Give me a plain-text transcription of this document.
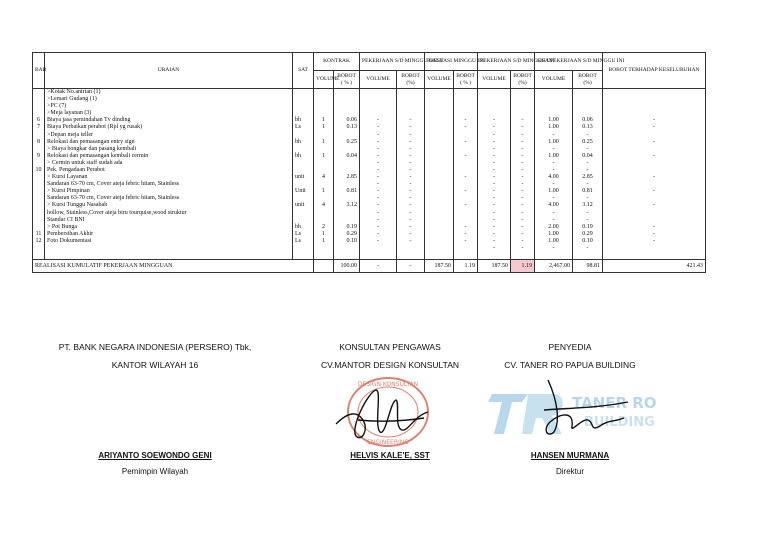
BAB	URAIAN	SAT	KONTRAK		PEKERJAAN S/D MINGGU LALU		PRESTASI MINGGU INI		PEKERJAAN S/D MINGGU INI		SISA PEKERJAAN S/D MINGGU INI		BOBOT TERHADAP KESELURUHAN
			VOLUME	BOBOT ( % )	VOLUME	BOBOT (%)	VOLUME	BOBOT ( % )	VOLUME	BOBOT (%)	VOLUME	BOBOT (%)	
	>Kotak No.antrian (1)												
	>Lemari Gudang (1)												
	>PC (7)												
	>Meja layanan (3)												
6	Biaya jasa pemindahan Tv dinding	bh	1	0.06	-	-		-	-	-	1.00	0.06	-
7	Biaya Perbaikan perabot (Rpl yg rusak)	Ls	1	0.13	-	-		-	-	-	1.00	0.13	-
	>Depan meja teller				-	-			-	-	-	-	
8	Relokasi dan pemasangan entry sign	bh	1	0.25	-	-		-	-	-	1.00	0.25	-
	> Biaya bongkar dan pasang kembali				-	-			-	-	-	-	
9	Relokasi dan pemasangan kembali cermin	bh	1	0.04	-	-		-	-	-	1.00	0.04	-
	> Cermin untuk staff sudah ada				-	-			-	-	-	-	
10	Pek. Pengadaan Perabot				-	-			-	-	-	-	
	> Kursi Layanan	unit	4	2.85	-	-		-	-	-	4.00	2.85	-
	Sandaran 63-70 cm, Cover ateja febric hitam, Stainless				-	-			-	-	-	-	
	> Kursi Pimpinan	Unit	1	0.81	-	-		-	-	-	1.00	0.81	-
	Sandaran 63-70 cm, Cover ateja febric hitam, Stainless				-	-			-	-	-	-	
	> Kursi Tunggu Nasabah	unit	4	3.12	-	-		-	-	-	4.00	3.12	-
	hollow, Stainless,Cover ateja biru tourquise,wood struktur				-	-			-	-	-	-	
	Standar CI BNI				-	-			-	-	-	-	
	> Pot Bunga	bh	2	0.19	-	-		-	-	-	2.00	0.19	-
11	Pembersihan Akhir	Ls	1	0.29	-	-		-	-	-	1.00	0.29	-
12	Foto Dokumentasi	Ls	1	0.10	-	-		-	-	-	1.00	0.10	-
									-	-	-	-	

REALISASI KUMULATIF PEKERJAAN MINGGUAN				100.00	-	-	187.50	1.19	187.50	1.19	2,467.00	98.81	421.43
PT. BANK NEGARA INDONESIA (PERSERO) Tbk,
KANTOR WILAYAH 16
ARIYANTO SOEWONDO GENI
Pemimpin Wilayah
KONSULTAN PENGAWAS
CV.MANTOR DESIGN KONSULTAN
HELVIS KALE'E, SST
DESIGN KONSULTAN
ENGINEERING
PENYEDIA
CV. TANER RO PAPUA BUILDING
HANSEN MURMANA
Direktur
TANER RO
BUILDING
